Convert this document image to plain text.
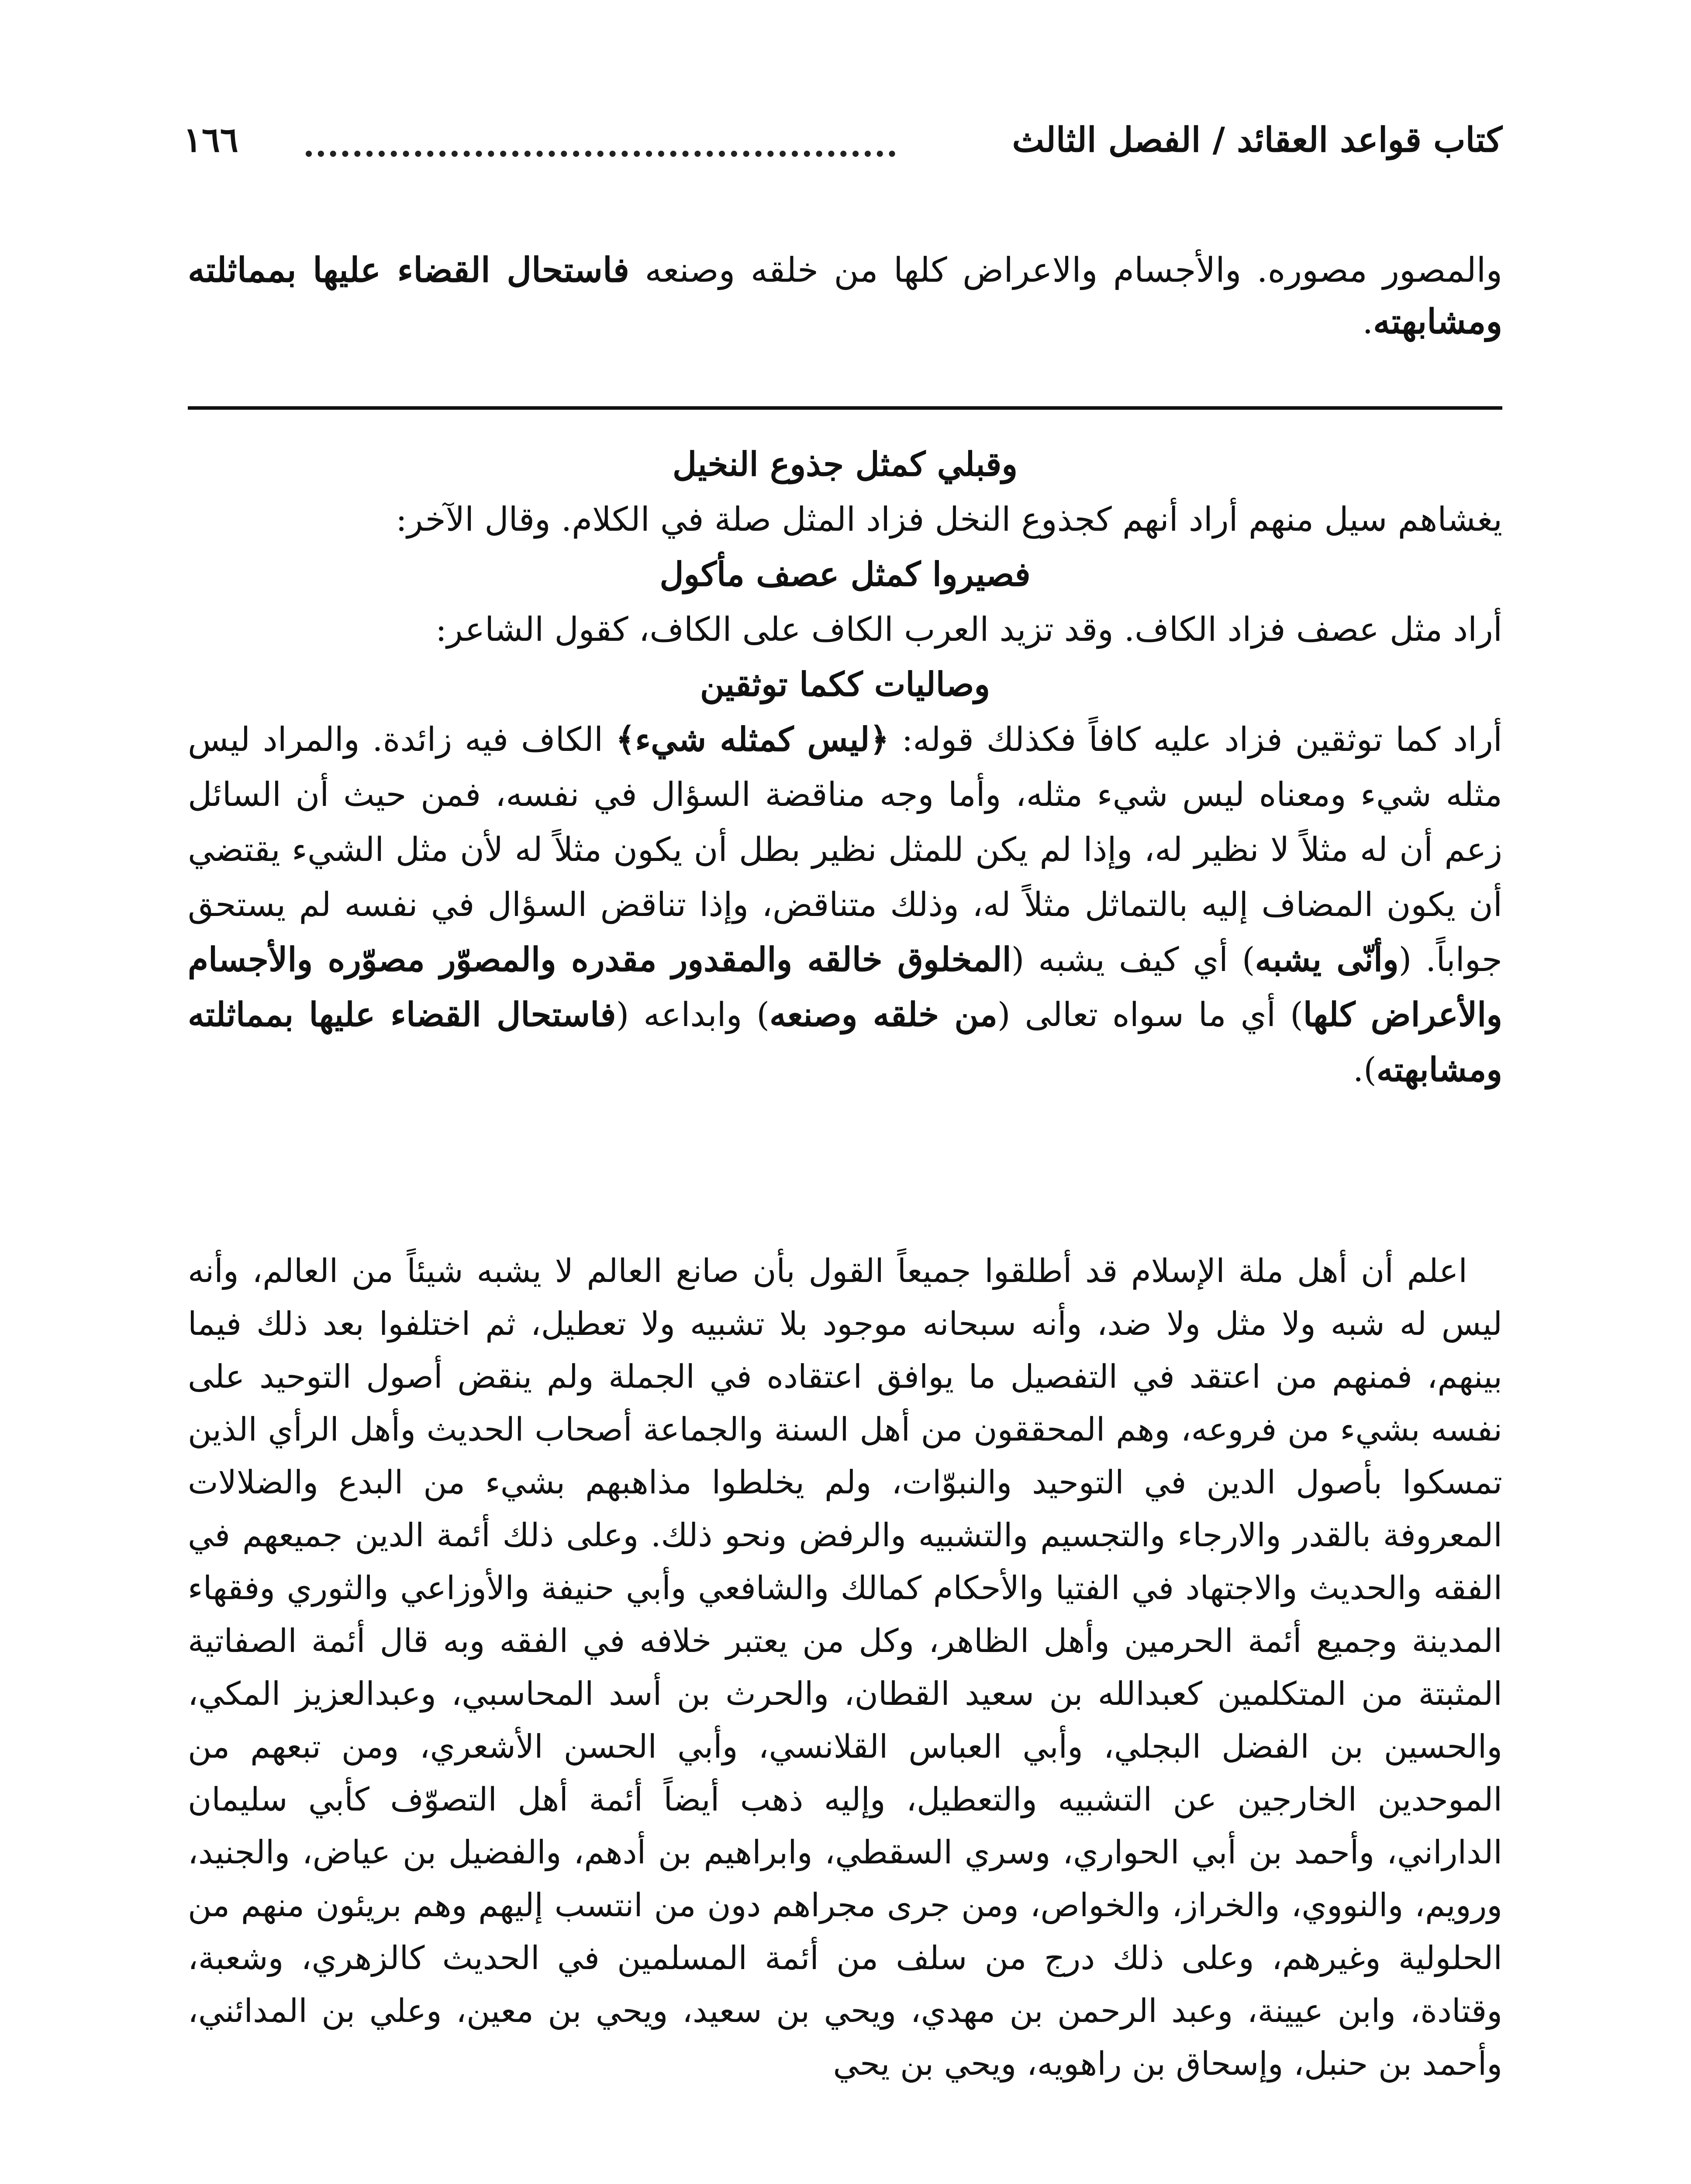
كتاب قواعد العقائد / الفصل الثالث
١٦٦

والمصور مصوره. والأجسام والاعراض كلها من خلقه وصنعه فاستحال القضاء عليها بمماثلته ومشابهته.

وقبلي كمثل جذوع النخيل

يغشاهم سيل منهم أراد أنهم كجذوع النخل فزاد المثل صلة في الكلام. وقال الآخر:

فصيروا كمثل عصف مأكول

أراد مثل عصف فزاد الكاف. وقد تزيد العرب الكاف على الكاف، كقول الشاعر:

وصاليات ككما توثقين

أراد كما توثقين فزاد عليه كافاً فكذلك قوله: ﴿ليس كمثله شيء﴾ الكاف فيه زائدة. والمراد ليس مثله شيء ومعناه ليس شيء مثله، وأما وجه مناقضة السؤال في نفسه، فمن حيث أن السائل زعم أن له مثلاً لا نظير له، وإذا لم يكن للمثل نظير بطل أن يكون مثلاً له لأن مثل الشيء يقتضي أن يكون المضاف إليه بالتماثل مثلاً له، وذلك متناقض، وإذا تناقض السؤال في نفسه لم يستحق جواباً. (وأنّى يشبه) أي كيف يشبه (المخلوق خالقه والمقدور مقدره والمصوّر مصوّره والأجسام والأعراض كلها) أي ما سواه تعالى (من خلقه وصنعه) وابداعه (فاستحال القضاء عليها بمماثلته ومشابهته).

اعلم أن أهل ملة الإسلام قد أطلقوا جميعاً القول بأن صانع العالم لا يشبه شيئاً من العالم، وأنه ليس له شبه ولا مثل ولا ضد، وأنه سبحانه موجود بلا تشبيه ولا تعطيل، ثم اختلفوا بعد ذلك فيما بينهم، فمنهم من اعتقد في التفصيل ما يوافق اعتقاده في الجملة ولم ينقض أصول التوحيد على نفسه بشيء من فروعه، وهم المحققون من أهل السنة والجماعة أصحاب الحديث وأهل الرأي الذين تمسكوا بأصول الدين في التوحيد والنبوّات، ولم يخلطوا مذاهبهم بشيء من البدع والضلالات المعروفة بالقدر والارجاء والتجسيم والتشبيه والرفض ونحو ذلك. وعلى ذلك أئمة الدين جميعهم في الفقه والحديث والاجتهاد في الفتيا والأحكام كمالك والشافعي وأبي حنيفة والأوزاعي والثوري وفقهاء المدينة وجميع أئمة الحرمين وأهل الظاهر، وكل من يعتبر خلافه في الفقه وبه قال أئمة الصفاتية المثبتة من المتكلمين كعبدالله بن سعيد القطان، والحرث بن أسد المحاسبي، وعبدالعزيز المكي، والحسين بن الفضل البجلي، وأبي العباس القلانسي، وأبي الحسن الأشعري، ومن تبعهم من الموحدين الخارجين عن التشبيه والتعطيل، وإليه ذهب أيضاً أئمة أهل التصوّف كأبي سليمان الداراني، وأحمد بن أبي الحواري، وسري السقطي، وابراهيم بن أدهم، والفضيل بن عياض، والجنيد، ورويم، والنووي، والخراز، والخواص، ومن جرى مجراهم دون من انتسب إليهم وهم بريئون منهم من الحلولية وغيرهم، وعلى ذلك درج من سلف من أئمة المسلمين في الحديث كالزهري، وشعبة، وقتادة، وابن عيينة، وعبد الرحمن بن مهدي، ويحي بن سعيد، ويحي بن معين، وعلي بن المدائني، وأحمد بن حنبل، وإسحاق بن راهويه، ويحي بن يحي
